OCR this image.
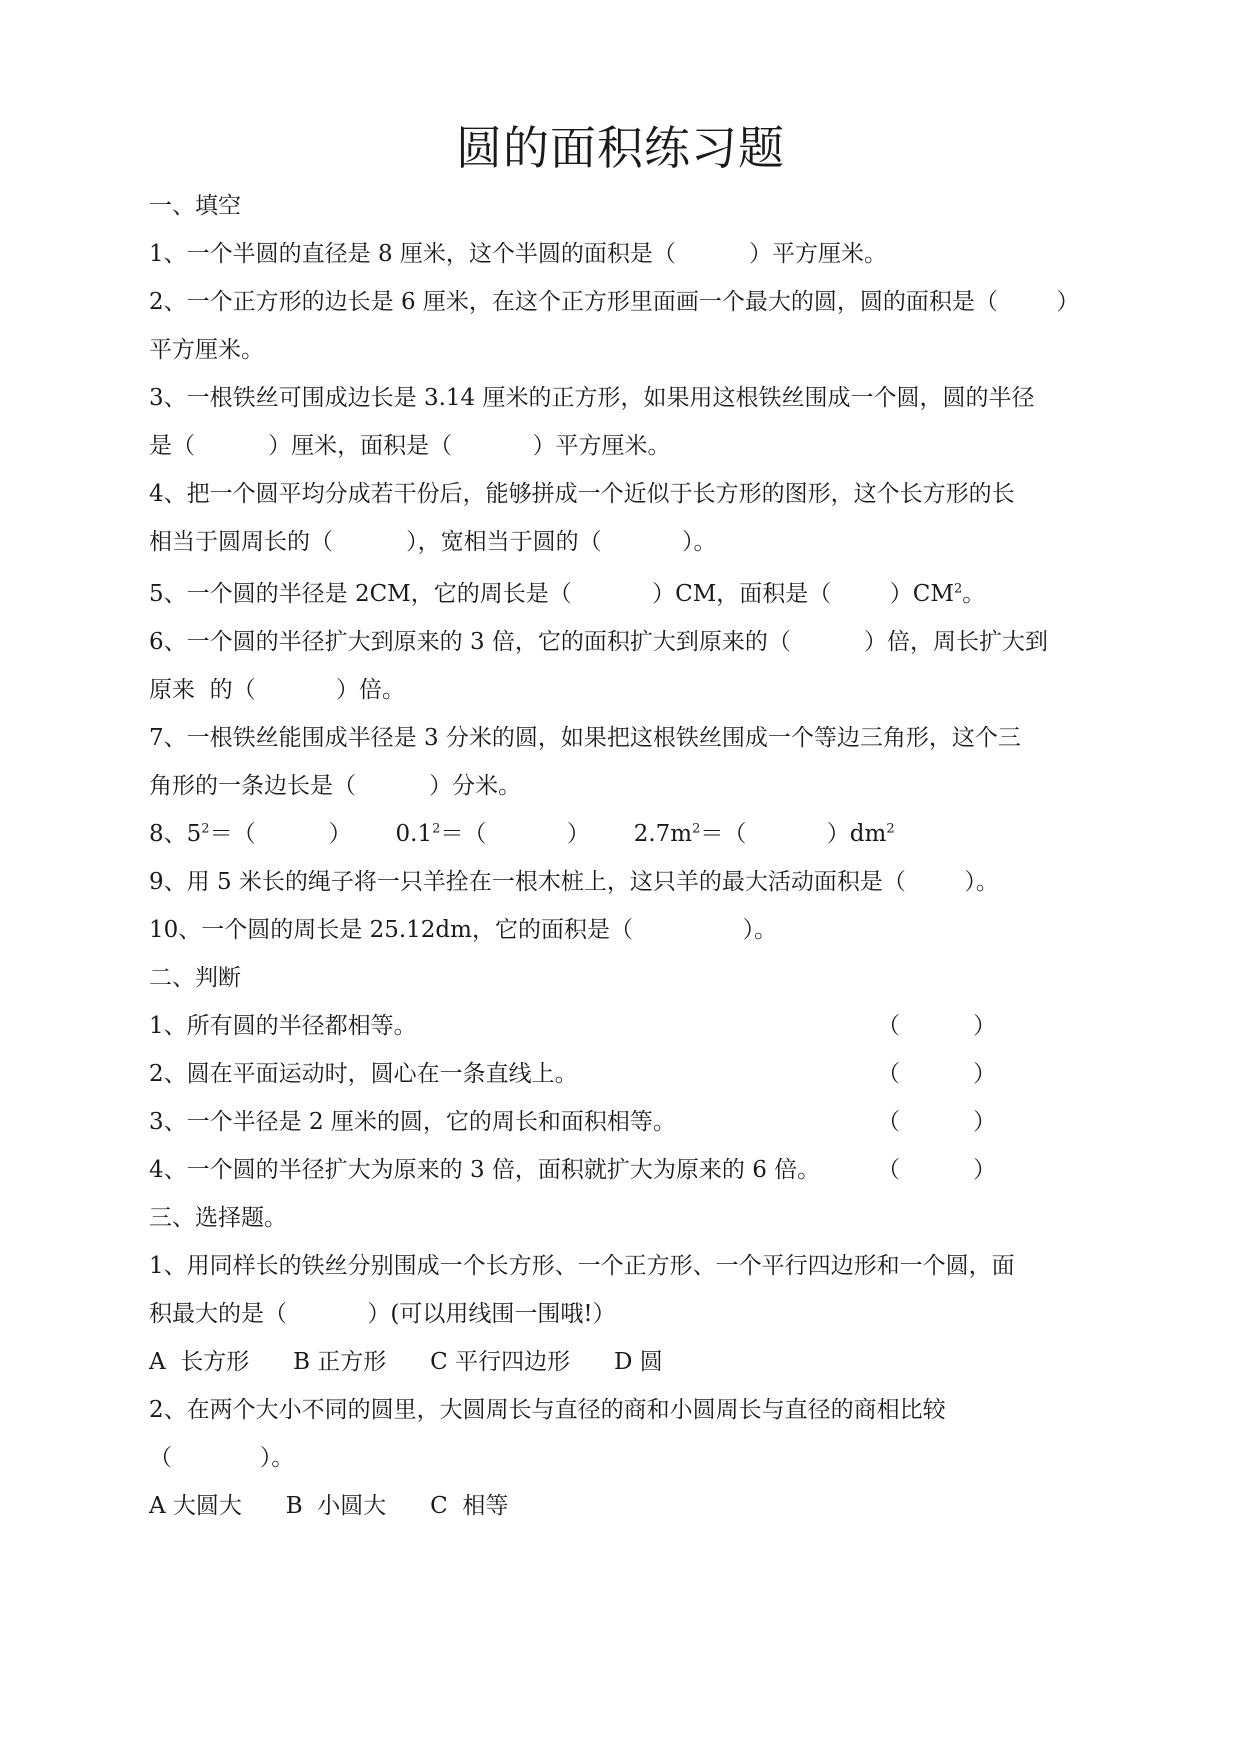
圆的面积练习题
一、填空
1、一个半圆的直径是 8 厘米，这个半圆的面积是（          ）平方厘米。
2、一个正方形的边长是 6 厘米，在这个正方形里面画一个最大的圆，圆的面积是（        ）
平方厘米。
3、一根铁丝可围成边长是 3.14 厘米的正方形，如果用这根铁丝围成一个圆，圆的半径
是（          ）厘米，面积是（           ）平方厘米。
4、把一个圆平均分成若干份后，能够拼成一个近似于长方形的图形，这个长方形的长
相当于圆周长的（          ），宽相当于圆的（           ）。
5、一个圆的半径是 2CM，它的周长是（           ）CM，面积是（        ）$CM^2$。
6、一个圆的半径扩大到原来的 3 倍，它的面积扩大到原来的（          ）倍，周长扩大到
原来  的（           ）倍。
7、一根铁丝能围成半径是 3 分米的圆，如果把这根铁丝围成一个等边三角形，这个三
角形的一条边长是（          ）分米。
8、$5^2=$（          ）      $0.1^2=$（           ）      $2.7m^2=$（           ）$dm^2$
9、用 5 米长的绳子将一只羊拴在一根木桩上，这只羊的最大活动面积是（        ）。
10、一个圆的周长是 25.12dm，它的面积是（               ）。
二、判断
1、所有圆的半径都相等。	（          ）
2、圆在平面运动时，圆心在一条直线上。	（          ）
3、一个半径是 2 厘米的圆，它的周长和面积相等。	（          ）
4、一个圆的半径扩大为原来的 3 倍，面积就扩大为原来的 6 倍。 （          ）
三、选择题。
1、用同样长的铁丝分别围成一个长方形、一个正方形、一个平行四边形和一个圆，面
积最大的是（           ）(可以用线围一围哦!）
A  长方形      B 正方形      C 平行四边形      D 圆
2、在两个大小不同的圆里，大圆周长与直径的商和小圆周长与直径的商相比较
（            ）。
A 大圆大      B  小圆大      C  相等
